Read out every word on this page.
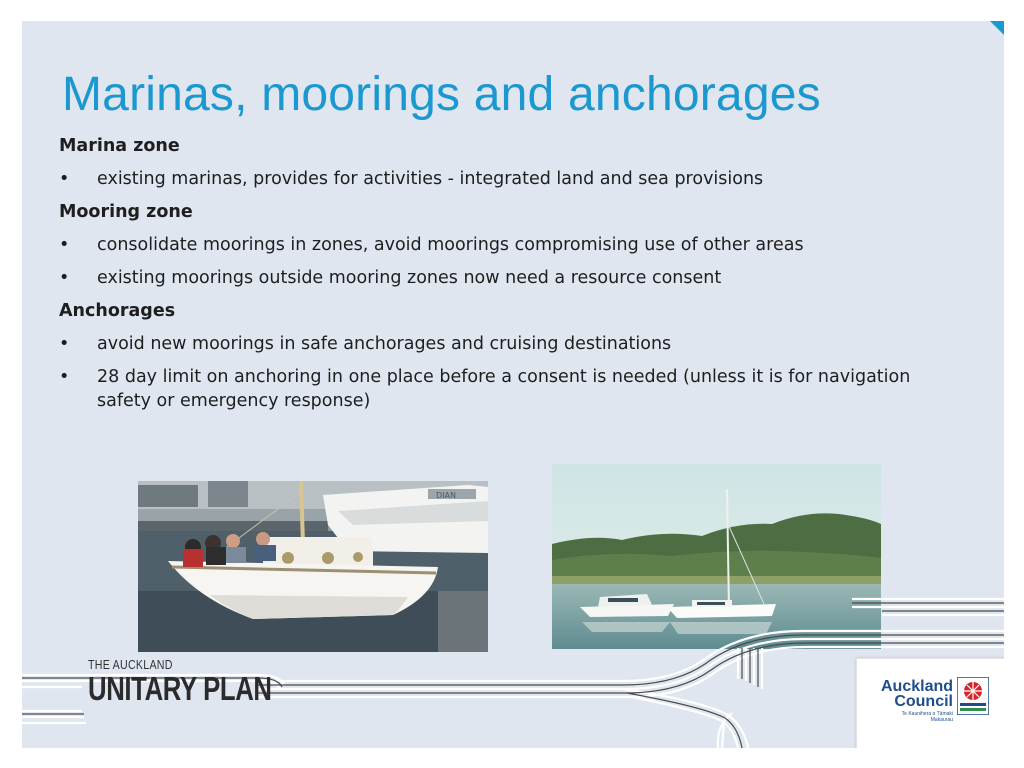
Marinas, moorings and anchorages
Marina zone
• existing marinas, provides for activities - integrated land and sea provisions
Mooring zone
• consolidate moorings in zones, avoid moorings compromising use of other areas
• existing moorings outside mooring zones now need a resource consent
Anchorages
• avoid new moorings in safe anchorages and cruising destinations
• 28 day limit on anchoring in one place before a consent is needed (unless it is for navigation safety or emergency response)
DIAN
THE AUCKLAND
UNITARY PLAN	Auckland
Council
Te Kaunihera o Tāmaki Makaurau
